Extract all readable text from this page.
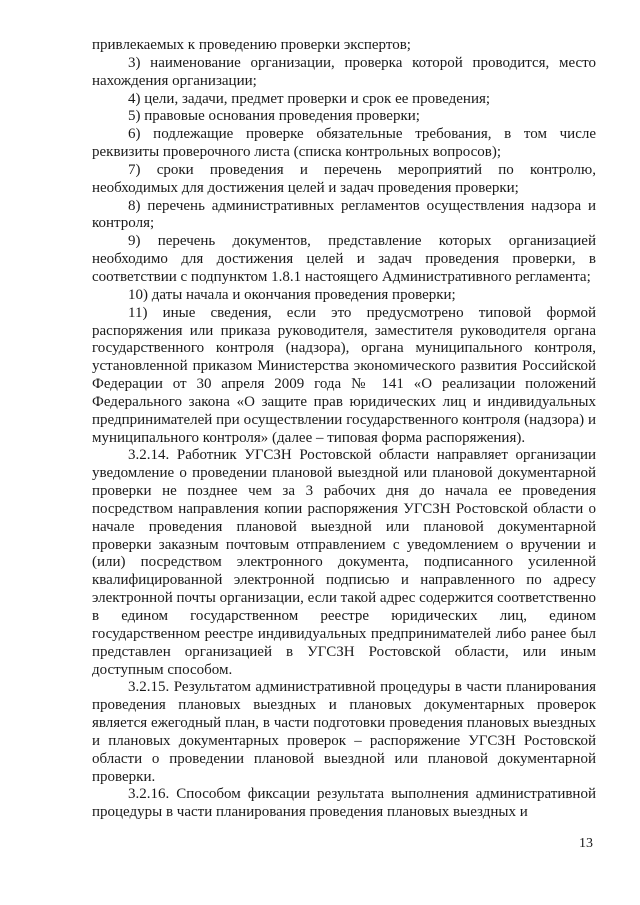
привлекаемых к проведению проверки экспертов;

3) наименование организации, проверка которой проводится, место нахождения организации;

4) цели, задачи, предмет проверки и срок ее проведения;

5) правовые основания проведения проверки;

6) подлежащие проверке обязательные требования, в том числе реквизиты проверочного листа (списка контрольных вопросов);

7) сроки проведения и перечень мероприятий по контролю, необходимых для достижения целей и задач проведения проверки;

8) перечень административных регламентов осуществления надзора и контроля;

9) перечень документов, представление которых организацией необходимо для достижения целей и задач проведения проверки, в соответствии с подпунктом 1.8.1 настоящего Административного регламента;

10) даты начала и окончания проведения проверки;

11) иные сведения, если это предусмотрено типовой формой распоряжения или приказа руководителя, заместителя руководителя органа государственного контроля (надзора), органа муниципального контроля, установленной приказом Министерства экономического развития Российской Федерации от 30 апреля 2009 года № 141 «О реализации положений Федерального закона «О защите прав юридических лиц и индивидуальных предпринимателей при осуществлении государственного контроля (надзора) и муниципального контроля» (далее – типовая форма распоряжения).

3.2.14. Работник УГСЗН Ростовской области направляет организации уведомление о проведении плановой выездной или плановой документарной проверки не позднее чем за 3 рабочих дня до начала ее проведения посредством направления копии распоряжения УГСЗН Ростовской области о начале проведения плановой выездной или плановой документарной проверки заказным почтовым отправлением с уведомлением о вручении и (или) посредством электронного документа, подписанного усиленной квалифицированной электронной подписью и направленного по адресу электронной почты организации, если такой адрес содержится соответственно в едином государственном реестре юридических лиц, едином государственном реестре индивидуальных предпринимателей либо ранее был представлен организацией в УГСЗН Ростовской области, или иным доступным способом.

3.2.15. Результатом административной процедуры в части планирования проведения плановых выездных и плановых документарных проверок является ежегодный план, в части подготовки проведения плановых выездных и плановых документарных проверок – распоряжение УГСЗН Ростовской области о проведении плановой выездной или плановой документарной проверки.

3.2.16. Способом фиксации результата выполнения административной процедуры в части планирования проведения плановых выездных и

13
